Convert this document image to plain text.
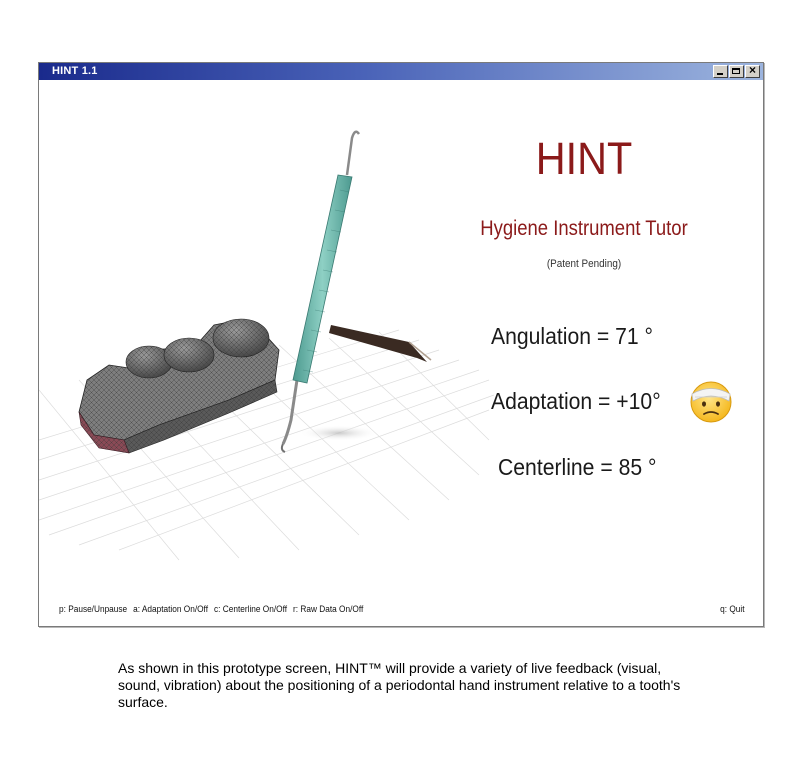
HINT 1.1	×
HINT
Hygiene Instrument Tutor
(Patent Pending)
Angulation = 71 °
Adaptation = +10°
Centerline = 85 °
p: Pause/Unpause a: Adaptation On/Off c: Centerline On/Off r: Raw Data On/Off	q: Quit
As shown in this prototype screen, HINT™ will provide a variety of live feedback (visual, sound, vibration) about the positioning of a periodontal hand instrument relative to a tooth's surface.
